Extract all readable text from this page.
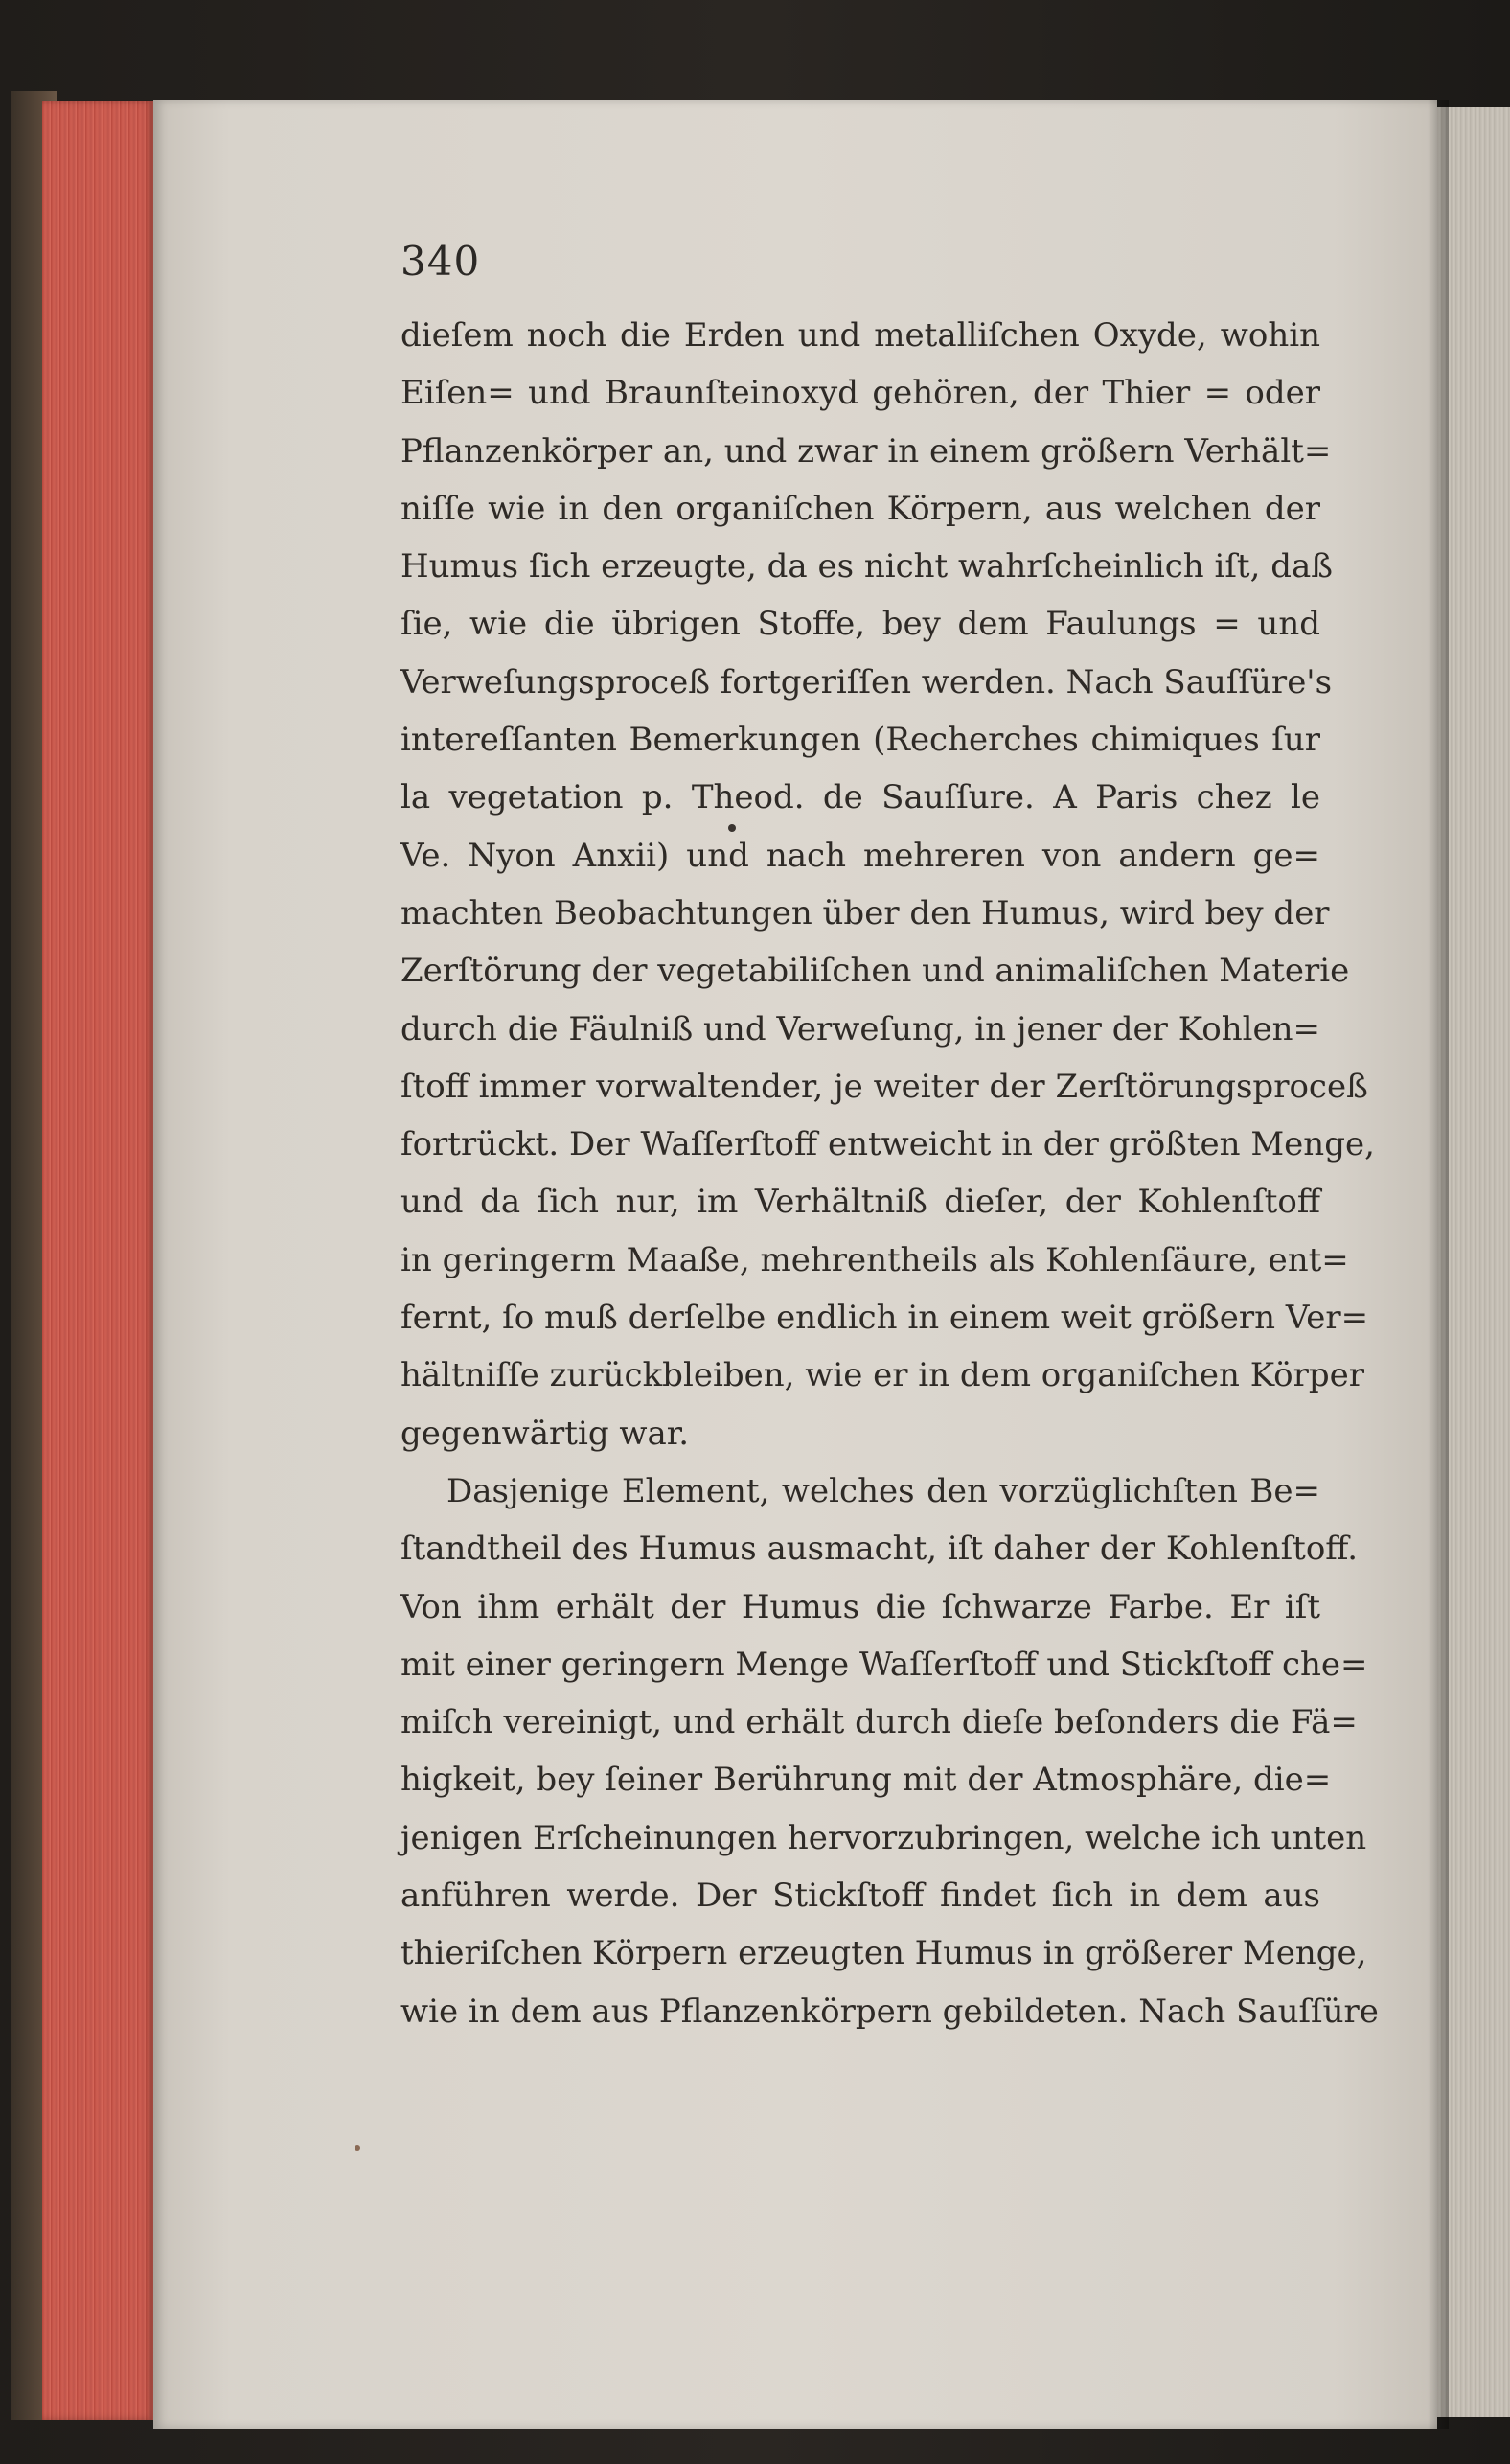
340
dieſem noch die Erden und metalliſchen Oxyde, wohin
Eiſen= und Braunſteinoxyd gehören, der Thier = oder
Pflanzenkörper an, und zwar in einem größern Verhält=
niſſe wie in den organiſchen Körpern, aus welchen der
Humus ſich erzeugte, da es nicht wahrſcheinlich iſt, daß
ſie, wie die übrigen Stoffe, bey dem Faulungs = und
Verweſungsproceß fortgeriſſen werden. Nach Sauſſüre's
intereſſanten Bemerkungen (Recherches chimiques ſur
la vegetation p. Theod. de Sauſſure. A Paris chez le
Ve. Nyon Anxii) und nach mehreren von andern ge=
machten Beobachtungen über den Humus, wird bey der
Zerſtörung der vegetabiliſchen und animaliſchen Materie
durch die Fäulniß und Verweſung, in jener der Kohlen=
ſtoff immer vorwaltender, je weiter der Zerſtörungsproceß
fortrückt. Der Waſſerſtoff entweicht in der größten Menge,
und da ſich nur, im Verhältniß dieſer, der Kohlenſtoff
in geringerm Maaße, mehrentheils als Kohlenſäure, ent=
fernt, ſo muß derſelbe endlich in einem weit größern Ver=
hältniſſe zurückbleiben, wie er in dem organiſchen Körper
gegenwärtig war.
Dasjenige Element, welches den vorzüglichſten Be=
ſtandtheil des Humus ausmacht, iſt daher der Kohlenſtoff.
Von ihm erhält der Humus die ſchwarze Farbe. Er iſt
mit einer geringern Menge Waſſerſtoff und Stickſtoff che=
miſch vereinigt, und erhält durch dieſe beſonders die Fä=
higkeit, bey ſeiner Berührung mit der Atmosphäre, die=
jenigen Erſcheinungen hervorzubringen, welche ich unten
anführen werde. Der Stickſtoff findet ſich in dem aus
thieriſchen Körpern erzeugten Humus in größerer Menge,
wie in dem aus Pflanzenkörpern gebildeten. Nach Sauſſüre
